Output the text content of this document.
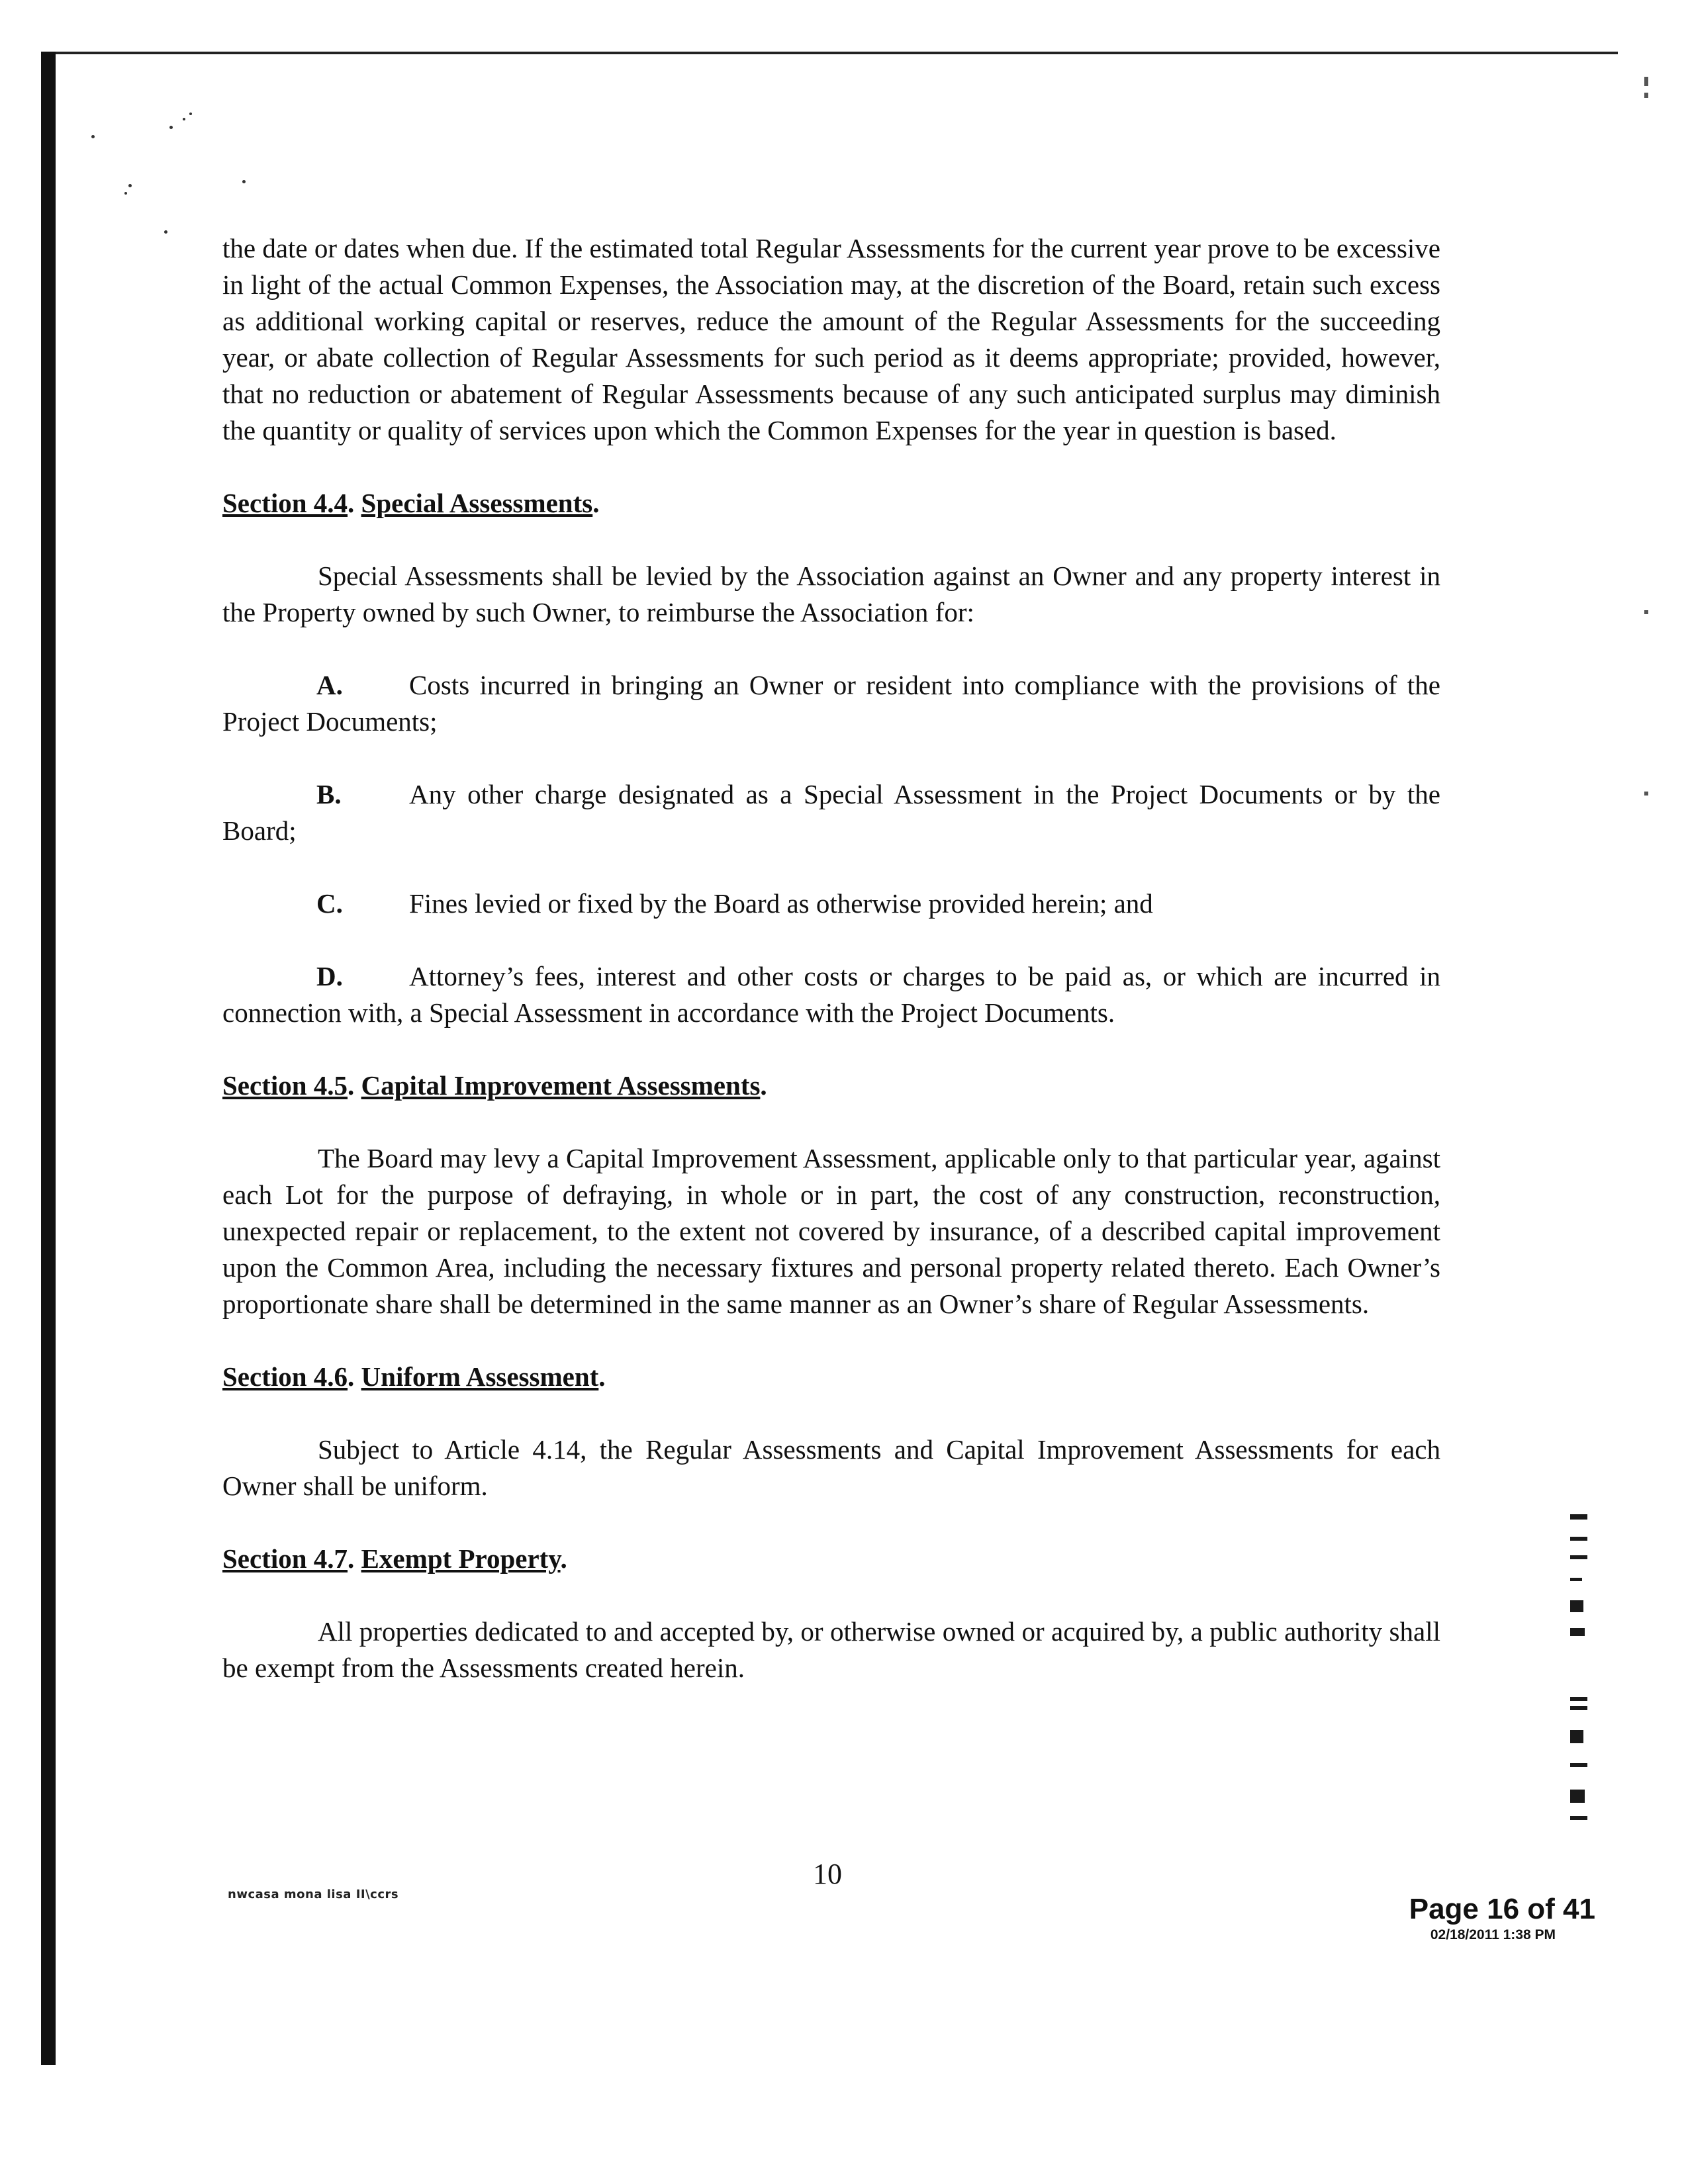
the date or dates when due. If the estimated total Regular Assessments for the current year prove to be excessive in light of the actual Common Expenses, the Association may, at the discretion of the Board, retain such excess as additional working capital or reserves, reduce the amount of the Regular Assessments for the succeeding year, or abate collection of Regular Assessments for such period as it deems appropriate; provided, however, that no reduction or abatement of Regular Assessments because of any such anticipated surplus may diminish the quantity or quality of services upon which the Common Expenses for the year in question is based.

Section 4.4. Special Assessments.

Special Assessments shall be levied by the Association against an Owner and any property interest in the Property owned by such Owner, to reimburse the Association for:

A. Costs incurred in bringing an Owner or resident into compliance with the provisions of the Project Documents;

B. Any other charge designated as a Special Assessment in the Project Documents or by the Board;

C. Fines levied or fixed by the Board as otherwise provided herein; and

D. Attorney’s fees, interest and other costs or charges to be paid as, or which are incurred in connection with, a Special Assessment in accordance with the Project Documents.

Section 4.5. Capital Improvement Assessments.

The Board may levy a Capital Improvement Assessment, applicable only to that particular year, against each Lot for the purpose of defraying, in whole or in part, the cost of any construction, reconstruction, unexpected repair or replacement, to the extent not covered by insurance, of a described capital improvement upon the Common Area, including the necessary fixtures and personal property related thereto. Each Owner’s proportionate share shall be determined in the same manner as an Owner’s share of Regular Assessments.

Section 4.6. Uniform Assessment.

Subject to Article 4.14, the Regular Assessments and Capital Improvement Assessments for each Owner shall be uniform.

Section 4.7. Exempt Property.

All properties dedicated to and accepted by, or otherwise owned or acquired by, a public authority shall be exempt from the Assessments created herein.

nwcasa mona lisa II\ccrs
10
Page 16 of 41
02/18/2011 1:38 PM
